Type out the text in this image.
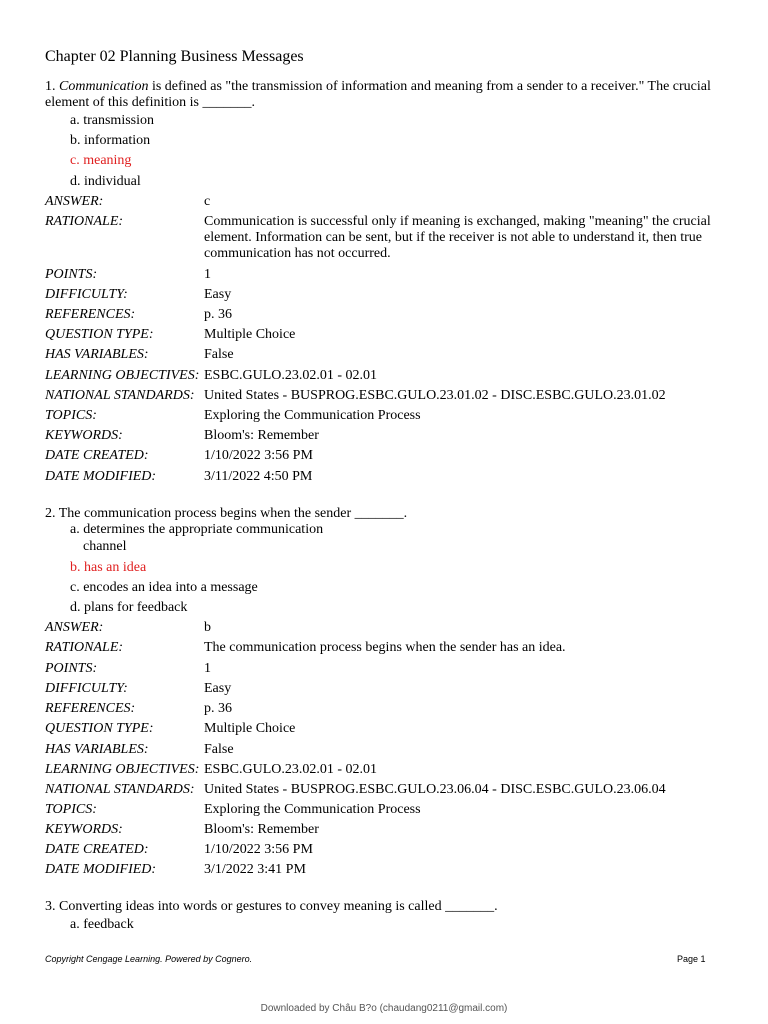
Chapter 02 Planning Business Messages
1. Communication is defined as "the transmission of information and meaning from a sender to a receiver." The crucial element of this definition is _______.
a. transmission
b. information
c. meaning
d. individual
ANSWER:	c
RATIONALE:	Communication is successful only if meaning is exchanged, making "meaning" the crucial element. Information can be sent, but if the receiver is not able to understand it, then true communication has not occurred.
POINTS:	1
DIFFICULTY:	Easy
REFERENCES:	p. 36
QUESTION TYPE:	Multiple Choice
HAS VARIABLES:	False
LEARNING OBJECTIVES: ESBC.GULO.23.02.01 - 02.01
NATIONAL STANDARDS: United States - BUSPROG.ESBC.GULO.23.01.02 - DISC.ESBC.GULO.23.01.02
TOPICS:	Exploring the Communication Process
KEYWORDS:	Bloom's: Remember
DATE CREATED:	1/10/2022 3:56 PM
DATE MODIFIED:	3/11/2022 4:50 PM
2. The communication process begins when the sender _______.
a. determines the appropriate communication
channel
b. has an idea
c. encodes an idea into a message
d. plans for feedback
ANSWER:	b
RATIONALE:	The communication process begins when the sender has an idea.
POINTS:	1
DIFFICULTY:	Easy
REFERENCES:	p. 36
QUESTION TYPE:	Multiple Choice
HAS VARIABLES:	False
LEARNING OBJECTIVES: ESBC.GULO.23.02.01 - 02.01
NATIONAL STANDARDS: United States - BUSPROG.ESBC.GULO.23.06.04 - DISC.ESBC.GULO.23.06.04
TOPICS:	Exploring the Communication Process
KEYWORDS:	Bloom's: Remember
DATE CREATED:	1/10/2022 3:56 PM
DATE MODIFIED:	3/1/2022 3:41 PM
3. Converting ideas into words or gestures to convey meaning is called _______.
a. feedback
Copyright Cengage Learning. Powered by Cognero.	Page 1
Downloaded by Châu B?o (chaudang0211@gmail.com)
